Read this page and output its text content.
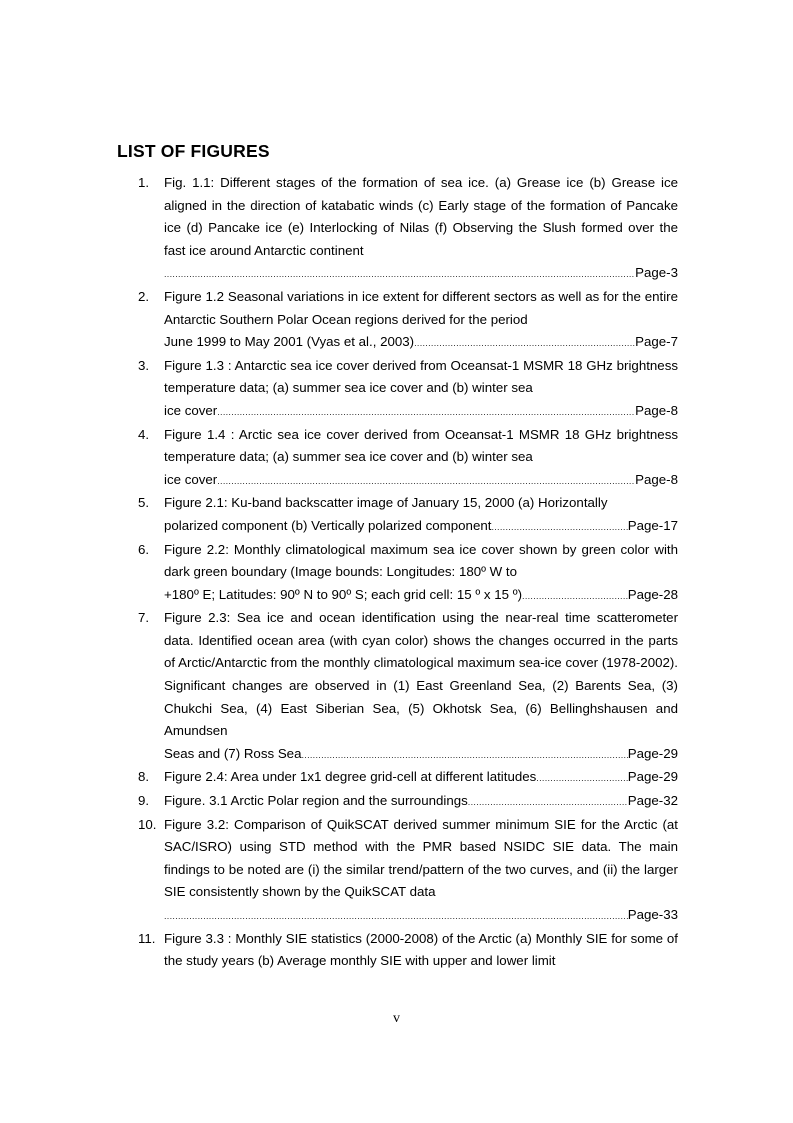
LIST OF FIGURES
1. Fig. 1.1: Different stages of the formation of sea ice. (a) Grease ice (b) Grease ice aligned in the direction of katabatic winds (c) Early stage of the formation of Pancake ice (d) Pancake ice (e) Interlocking of Nilas (f) Observing the Slush formed over the fast ice around Antarctic continent
.....
Page-3
2. Figure 1.2 Seasonal variations in ice extent for different sectors as well as for the entire Antarctic Southern Polar Ocean regions derived for the period
June 1999 to May 2001 (Vyas et al., 2003) .....	Page-7
3. Figure 1.3 : Antarctic sea ice cover derived from Oceansat-1 MSMR 18 GHz brightness temperature data; (a) summer sea ice cover and (b) winter sea
ice cover .....	Page-8
4. Figure 1.4 : Arctic sea ice cover derived from Oceansat-1 MSMR 18 GHz brightness temperature data; (a) summer sea ice cover and (b) winter sea
ice cover .....	Page-8
5. Figure 2.1: Ku-band backscatter image of January 15, 2000 (a) Horizontally
polarized component (b) Vertically polarized component .....	Page-17
6. Figure 2.2: Monthly climatological maximum sea ice cover shown by green color with dark green boundary (Image bounds: Longitudes: 180º W to
+180º E; Latitudes: 90º N to 90º S; each grid cell: 15 º x 15 º) .....	Page-28
7. Figure 2.3: Sea ice and ocean identification using the near-real time scatterometer data. Identified ocean area (with cyan color) shows the changes occurred in the parts of Arctic/Antarctic from the monthly climatological maximum sea-ice cover (1978-2002). Significant changes are observed in (1) East Greenland Sea, (2) Barents Sea, (3) Chukchi Sea, (4) East Siberian Sea, (5) Okhotsk Sea, (6) Bellinghshausen and Amundsen
Seas and (7) Ross Sea .....	Page-29
8. Figure 2.4: Area under 1x1 degree grid-cell at different latitudes .....	Page-29
9. Figure. 3.1 Arctic Polar region and the surroundings .....	Page-32
10. Figure 3.2: Comparison of QuikSCAT derived summer minimum SIE for the Arctic (at SAC/ISRO) using STD method with the PMR based NSIDC SIE data. The main findings to be noted are (i) the similar trend/pattern of the two curves, and (ii) the larger SIE consistently shown by the QuikSCAT data
.....
Page-33
11. Figure 3.3 : Monthly SIE statistics (2000-2008) of the Arctic (a) Monthly SIE for some of the study years (b) Average monthly SIE with upper and lower limit
v
